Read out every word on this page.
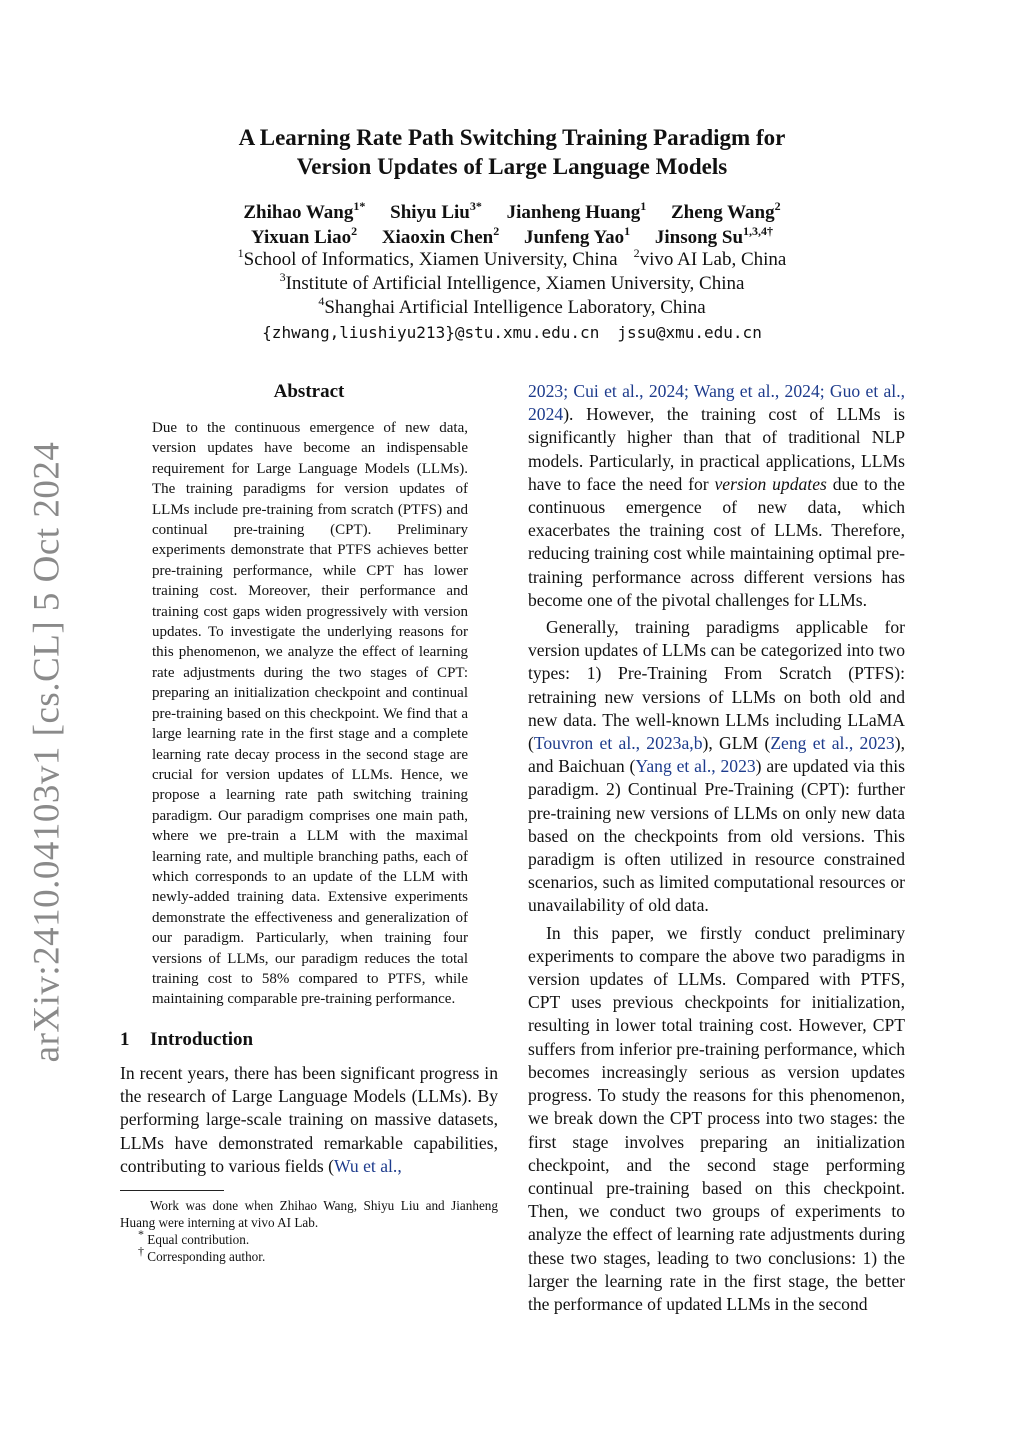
arXiv:2410.04103v1 [cs.CL] 5 Oct 2024
A Learning Rate Path Switching Training Paradigm for
Version Updates of Large Language Models
Zhihao Wang$^{1*}$ Shiyu Liu$^{3*}$ Jianheng Huang$^1$ Zheng Wang$^2$
Yixuan Liao$^2$ Xiaoxin Chen$^2$ Junfeng Yao$^1$ Jinsong $Su^{1,3,4\dagger}$
$^1$School of Informatics, Xiamen University, China $^2$vivo AI Lab, China
$^3$Institute of Artificial Intelligence, Xiamen University, China
$^4$Shanghai Artificial Intelligence Laboratory, China
{zhwang,liushiyu213}@stu.xmu.edu.cn jssu@xmu.edu.cn
Abstract

Due to the continuous emergence of new data, version updates have become an indispensable requirement for Large Language Models (LLMs). The training paradigms for version updates of LLMs include pre-training from scratch (PTFS) and continual pre-training (CPT). Preliminary experiments demonstrate that PTFS achieves better pre-training performance, while CPT has lower training cost. Moreover, their performance and training cost gaps widen progressively with version updates. To investigate the underlying reasons for this phenomenon, we analyze the effect of learning rate adjustments during the two stages of CPT: preparing an initialization checkpoint and continual pre-training based on this checkpoint. We find that a large learning rate in the first stage and a complete learning rate decay process in the second stage are crucial for version updates of LLMs. Hence, we propose a learning rate path switching training paradigm. Our paradigm comprises one main path, where we pre-train a LLM with the maximal learning rate, and multiple branching paths, each of which corresponds to an update of the LLM with newly-added training data. Extensive experiments demonstrate the effectiveness and generalization of our paradigm. Particularly, when training four versions of LLMs, our paradigm reduces the total training cost to 58% compared to PTFS, while maintaining comparable pre-training performance.

1 Introduction

In recent years, there has been significant progress in the research of Large Language Models (LLMs). By performing large-scale training on massive datasets, LLMs have demonstrated remarkable capabilities, contributing to various fields (Wu et al.,

Work was done when Zhihao Wang, Shiyu Liu and Jianheng Huang were interning at vivo AI Lab.

* Equal contribution.

† Corresponding author.

2023; Cui et al., 2024; Wang et al., 2024; Guo et al., 2024). However, the training cost of LLMs is significantly higher than that of traditional NLP models. Particularly, in practical applications, LLMs have to face the need for version updates due to the continuous emergence of new data, which exacerbates the training cost of LLMs. Therefore, reducing training cost while maintaining optimal pre-training performance across different versions has become one of the pivotal challenges for LLMs.

Generally, training paradigms applicable for version updates of LLMs can be categorized into two types: 1) Pre-Training From Scratch (PTFS): retraining new versions of LLMs on both old and new data. The well-known LLMs including LLaMA (Touvron et al., 2023a,b), GLM (Zeng et al., 2023), and Baichuan (Yang et al., 2023) are updated via this paradigm. 2) Continual Pre-Training (CPT): further pre-training new versions of LLMs on only new data based on the checkpoints from old versions. This paradigm is often utilized in resource constrained scenarios, such as limited computational resources or unavailability of old data.

In this paper, we firstly conduct preliminary experiments to compare the above two paradigms in version updates of LLMs. Compared with PTFS, CPT uses previous checkpoints for initialization, resulting in lower total training cost. However, CPT suffers from inferior pre-training performance, which becomes increasingly serious as version updates progress. To study the reasons for this phenomenon, we break down the CPT process into two stages: the first stage involves preparing an initialization checkpoint, and the second stage performing continual pre-training based on this checkpoint. Then, we conduct two groups of experiments to analyze the effect of learning rate adjustments during these two stages, leading to two conclusions: 1) the larger the learning rate in the first stage, the better the performance of updated LLMs in the second
